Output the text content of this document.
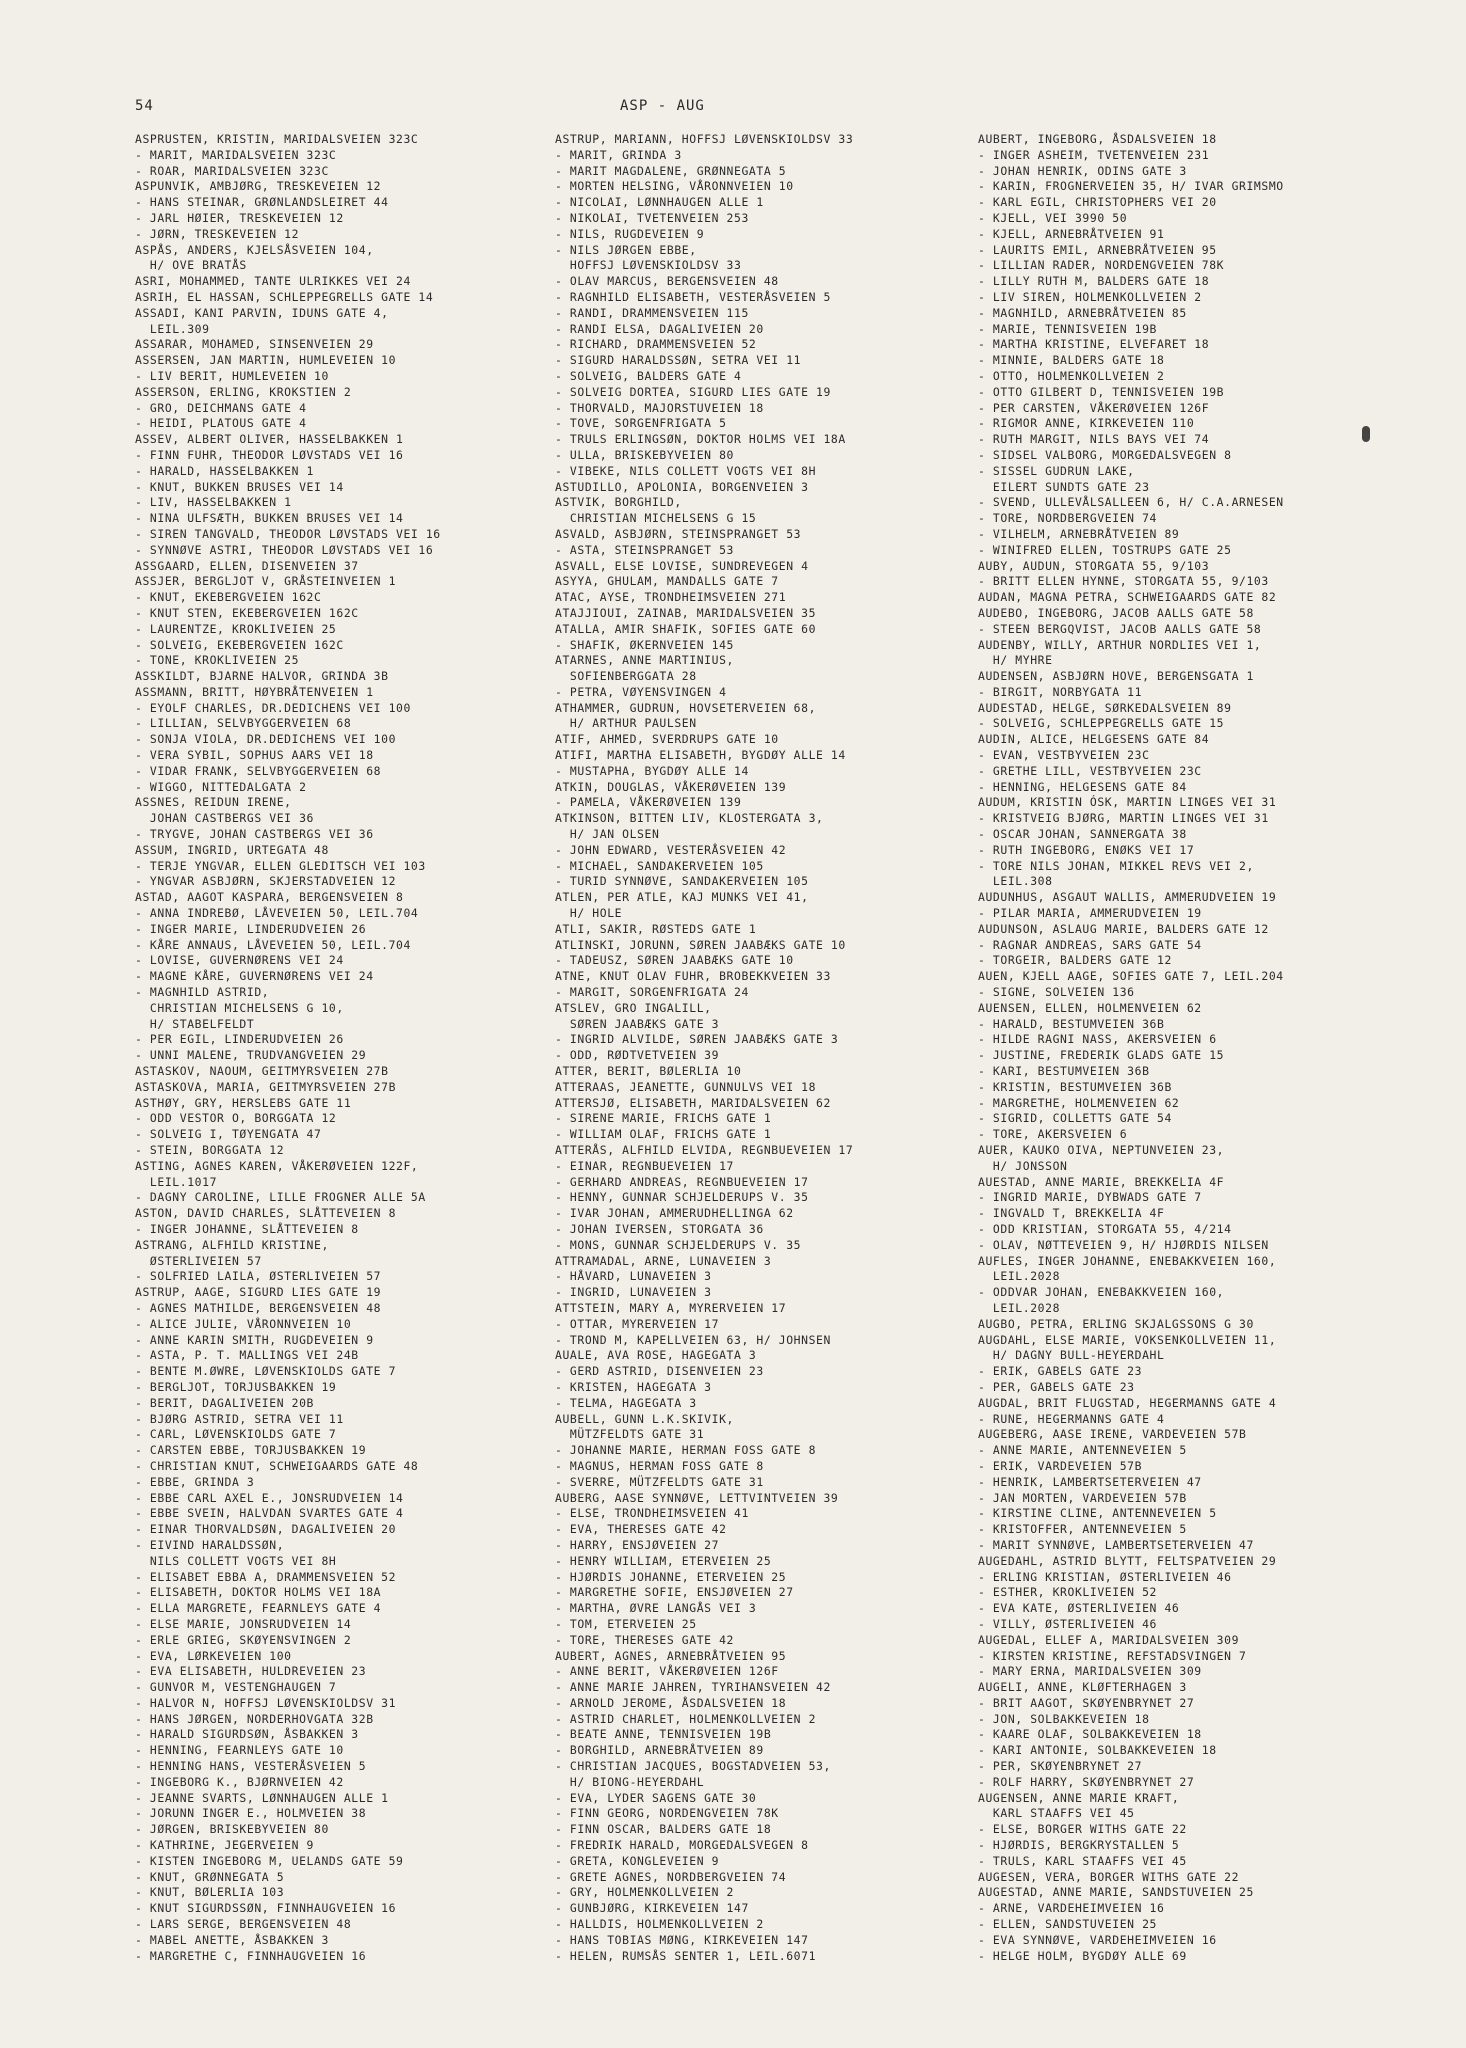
54	ASP - AUG
ASPRUSTEN, KRISTIN, MARIDALSVEIEN 323C
- MARIT, MARIDALSVEIEN 323C
- ROAR, MARIDALSVEIEN 323C
ASPUNVIK, AMBJØRG, TRESKEVEIEN 12
- HANS STEINAR, GRØNLANDSLEIRET 44
- JARL HØIER, TRESKEVEIEN 12
- JØRN, TRESKEVEIEN 12
ASPÅS, ANDERS, KJELSÅSVEIEN 104,
H/ OVE BRATÅS
ASRI, MOHAMMED, TANTE ULRIKKES VEI 24
ASRIH, EL HASSAN, SCHLEPPEGRELLS GATE 14
ASSADI, KANI PARVIN, IDUNS GATE 4,
LEIL.309
ASSARAR, MOHAMED, SINSENVEIEN 29
ASSERSEN, JAN MARTIN, HUMLEVEIEN 10
- LIV BERIT, HUMLEVEIEN 10
ASSERSON, ERLING, KROKSTIEN 2
- GRO, DEICHMANS GATE 4
- HEIDI, PLATOUS GATE 4
ASSEV, ALBERT OLIVER, HASSELBAKKEN 1
- FINN FUHR, THEODOR LØVSTADS VEI 16
- HARALD, HASSELBAKKEN 1
- KNUT, BUKKEN BRUSES VEI 14
- LIV, HASSELBAKKEN 1
- NINA ULFSÆTH, BUKKEN BRUSES VEI 14
- SIREN TANGVALD, THEODOR LØVSTADS VEI 16
- SYNNØVE ASTRI, THEODOR LØVSTADS VEI 16
ASSGAARD, ELLEN, DISENVEIEN 37
ASSJER, BERGLJOT V, GRÅSTEINVEIEN 1
- KNUT, EKEBERGVEIEN 162C
- KNUT STEN, EKEBERGVEIEN 162C
- LAURENTZE, KROKLIVEIEN 25
- SOLVEIG, EKEBERGVEIEN 162C
- TONE, KROKLIVEIEN 25
ASSKILDT, BJARNE HALVOR, GRINDA 3B
ASSMANN, BRITT, HØYBRÅTENVEIEN 1
- EYOLF CHARLES, DR.DEDICHENS VEI 100
- LILLIAN, SELVBYGGERVEIEN 68
- SONJA VIOLA, DR.DEDICHENS VEI 100
- VERA SYBIL, SOPHUS AARS VEI 18
- VIDAR FRANK, SELVBYGGERVEIEN 68
- WIGGO, NITTEDALGATA 2
ASSNES, REIDUN IRENE,
JOHAN CASTBERGS VEI 36
- TRYGVE, JOHAN CASTBERGS VEI 36
ASSUM, INGRID, URTEGATA 48
- TERJE YNGVAR, ELLEN GLEDITSCH VEI 103
- YNGVAR ASBJØRN, SKJERSTADVEIEN 12
ASTAD, AAGOT KASPARA, BERGENSVEIEN 8
- ANNA INDREBØ, LÅVEVEIEN 50, LEIL.704
- INGER MARIE, LINDERUDVEIEN 26
- KÅRE ANNAUS, LÅVEVEIEN 50, LEIL.704
- LOVISE, GUVERNØRENS VEI 24
- MAGNE KÅRE, GUVERNØRENS VEI 24
- MAGNHILD ASTRID,
CHRISTIAN MICHELSENS G 10,
H/ STABELFELDT
- PER EGIL, LINDERUDVEIEN 26
- UNNI MALENE, TRUDVANGVEIEN 29
ASTASKOV, NAOUM, GEITMYRSVEIEN 27B
ASTASKOVA, MARIA, GEITMYRSVEIEN 27B
ASTHØY, GRY, HERSLEBS GATE 11
- ODD VESTOR O, BORGGATA 12
- SOLVEIG I, TØYENGATA 47
- STEIN, BORGGATA 12
ASTING, AGNES KAREN, VÅKERØVEIEN 122F,
LEIL.1017
- DAGNY CAROLINE, LILLE FROGNER ALLE 5A
ASTON, DAVID CHARLES, SLÅTTEVEIEN 8
- INGER JOHANNE, SLÅTTEVEIEN 8
ASTRANG, ALFHILD KRISTINE,
ØSTERLIVEIEN 57
- SOLFRIED LAILA, ØSTERLIVEIEN 57
ASTRUP, AAGE, SIGURD LIES GATE 19
- AGNES MATHILDE, BERGENSVEIEN 48
- ALICE JULIE, VÅRONNVEIEN 10
- ANNE KARIN SMITH, RUGDEVEIEN 9
- ASTA, P. T. MALLINGS VEI 24B
- BENTE M.ØWRE, LØVENSKIOLDS GATE 7
- BERGLJOT, TORJUSBAKKEN 19
- BERIT, DAGALIVEIEN 20B
- BJØRG ASTRID, SETRA VEI 11
- CARL, LØVENSKIOLDS GATE 7
- CARSTEN EBBE, TORJUSBAKKEN 19
- CHRISTIAN KNUT, SCHWEIGAARDS GATE 48
- EBBE, GRINDA 3
- EBBE CARL AXEL E., JONSRUDVEIEN 14
- EBBE SVEIN, HALVDAN SVARTES GATE 4
- EINAR THORVALDSØN, DAGALIVEIEN 20
- EIVIND HARALDSSØN,
NILS COLLETT VOGTS VEI 8H
- ELISABET EBBA A, DRAMMENSVEIEN 52
- ELISABETH, DOKTOR HOLMS VEI 18A
- ELLA MARGRETE, FEARNLEYS GATE 4
- ELSE MARIE, JONSRUDVEIEN 14
- ERLE GRIEG, SKØYENSVINGEN 2
- EVA, LØRKEVEIEN 100
- EVA ELISABETH, HULDREVEIEN 23
- GUNVOR M, VESTENGHAUGEN 7
- HALVOR N, HOFFSJ LØVENSKIOLDSV 31
- HANS JØRGEN, NORDERHOVGATA 32B
- HARALD SIGURDSØN, ÅSBAKKEN 3
- HENNING, FEARNLEYS GATE 10
- HENNING HANS, VESTERÅSVEIEN 5
- INGEBORG K., BJØRNVEIEN 42
- JEANNE SVARTS, LØNNHAUGEN ALLE 1
- JORUNN INGER E., HOLMVEIEN 38
- JØRGEN, BRISKEBYVEIEN 80
- KATHRINE, JEGERVEIEN 9
- KISTEN INGEBORG M, UELANDS GATE 59
- KNUT, GRØNNEGATA 5
- KNUT, BØLERLIA 103
- KNUT SIGURDSSØN, FINNHAUGVEIEN 16
- LARS SERGE, BERGENSVEIEN 48
- MABEL ANETTE, ÅSBAKKEN 3
- MARGRETHE C, FINNHAUGVEIEN 16
ASTRUP, MARIANN, HOFFSJ LØVENSKIOLDSV 33
- MARIT, GRINDA 3
- MARIT MAGDALENE, GRØNNEGATA 5
- MORTEN HELSING, VÅRONNVEIEN 10
- NICOLAI, LØNNHAUGEN ALLE 1
- NIKOLAI, TVETENVEIEN 253
- NILS, RUGDEVEIEN 9
- NILS JØRGEN EBBE,
HOFFSJ LØVENSKIOLDSV 33
- OLAV MARCUS, BERGENSVEIEN 48
- RAGNHILD ELISABETH, VESTERÅSVEIEN 5
- RANDI, DRAMMENSVEIEN 115
- RANDI ELSA, DAGALIVEIEN 20
- RICHARD, DRAMMENSVEIEN 52
- SIGURD HARALDSSØN, SETRA VEI 11
- SOLVEIG, BALDERS GATE 4
- SOLVEIG DORTEA, SIGURD LIES GATE 19
- THORVALD, MAJORSTUVEIEN 18
- TOVE, SORGENFRIGATA 5
- TRULS ERLINGSØN, DOKTOR HOLMS VEI 18A
- ULLA, BRISKEBYVEIEN 80
- VIBEKE, NILS COLLETT VOGTS VEI 8H
ASTUDILLO, APOLONIA, BORGENVEIEN 3
ASTVIK, BORGHILD,
CHRISTIAN MICHELSENS G 15
ASVALD, ASBJØRN, STEINSPRANGET 53
- ASTA, STEINSPRANGET 53
ASVALL, ELSE LOVISE, SUNDREVEGEN 4
ASYYA, GHULAM, MANDALLS GATE 7
ATAC, AYSE, TRONDHEIMSVEIEN 271
ATAJJIOUI, ZAINAB, MARIDALSVEIEN 35
ATALLA, AMIR SHAFIK, SOFIES GATE 60
- SHAFIK, ØKERNVEIEN 145
ATARNES, ANNE MARTINIUS,
SOFIENBERGGATA 28
- PETRA, VØYENSVINGEN 4
ATHAMMER, GUDRUN, HOVSETERVEIEN 68,
H/ ARTHUR PAULSEN
ATIF, AHMED, SVERDRUPS GATE 10
ATIFI, MARTHA ELISABETH, BYGDØY ALLE 14
- MUSTAPHA, BYGDØY ALLE 14
ATKIN, DOUGLAS, VÅKERØVEIEN 139
- PAMELA, VÅKERØVEIEN 139
ATKINSON, BITTEN LIV, KLOSTERGATA 3,
H/ JAN OLSEN
- JOHN EDWARD, VESTERÅSVEIEN 42
- MICHAEL, SANDAKERVEIEN 105
- TURID SYNNØVE, SANDAKERVEIEN 105
ATLEN, PER ATLE, KAJ MUNKS VEI 41,
H/ HOLE
ATLI, SAKIR, RØSTEDS GATE 1
ATLINSKI, JORUNN, SØREN JAABÆKS GATE 10
- TADEUSZ, SØREN JAABÆKS GATE 10
ATNE, KNUT OLAV FUHR, BROBEKKVEIEN 33
- MARGIT, SORGENFRIGATA 24
ATSLEV, GRO INGALILL,
SØREN JAABÆKS GATE 3
- INGRID ALVILDE, SØREN JAABÆKS GATE 3
- ODD, RØDTVETVEIEN 39
ATTER, BERIT, BØLERLIA 10
ATTERAAS, JEANETTE, GUNNULVS VEI 18
ATTERSJØ, ELISABETH, MARIDALSVEIEN 62
- SIRENE MARIE, FRICHS GATE 1
- WILLIAM OLAF, FRICHS GATE 1
ATTERÅS, ALFHILD ELVIDA, REGNBUEVEIEN 17
- EINAR, REGNBUEVEIEN 17
- GERHARD ANDREAS, REGNBUEVEIEN 17
- HENNY, GUNNAR SCHJELDERUPS V. 35
- IVAR JOHAN, AMMERUDHELLINGA 62
- JOHAN IVERSEN, STORGATA 36
- MONS, GUNNAR SCHJELDERUPS V. 35
ATTRAMADAL, ARNE, LUNAVEIEN 3
- HÅVARD, LUNAVEIEN 3
- INGRID, LUNAVEIEN 3
ATTSTEIN, MARY A, MYRERVEIEN 17
- OTTAR, MYRERVEIEN 17
- TROND M, KAPELLVEIEN 63, H/ JOHNSEN
AUALE, AVA ROSE, HAGEGATA 3
- GERD ASTRID, DISENVEIEN 23
- KRISTEN, HAGEGATA 3
- TELMA, HAGEGATA 3
AUBELL, GUNN L.K.SKIVIK,
MÜTZFELDTS GATE 31
- JOHANNE MARIE, HERMAN FOSS GATE 8
- MAGNUS, HERMAN FOSS GATE 8
- SVERRE, MÜTZFELDTS GATE 31
AUBERG, AASE SYNNØVE, LETTVINTVEIEN 39
- ELSE, TRONDHEIMSVEIEN 41
- EVA, THERESES GATE 42
- HARRY, ENSJØVEIEN 27
- HENRY WILLIAM, ETERVEIEN 25
- HJØRDIS JOHANNE, ETERVEIEN 25
- MARGRETHE SOFIE, ENSJØVEIEN 27
- MARTHA, ØVRE LANGÅS VEI 3
- TOM, ETERVEIEN 25
- TORE, THERESES GATE 42
AUBERT, AGNES, ARNEBRÅTVEIEN 95
- ANNE BERIT, VÅKERØVEIEN 126F
- ANNE MARIE JAHREN, TYRIHANSVEIEN 42
- ARNOLD JEROME, ÅSDALSVEIEN 18
- ASTRID CHARLET, HOLMENKOLLVEIEN 2
- BEATE ANNE, TENNISVEIEN 19B
- BORGHILD, ARNEBRÅTVEIEN 89
- CHRISTIAN JACQUES, BOGSTADVEIEN 53,
H/ BIONG-HEYERDAHL
- EVA, LYDER SAGENS GATE 30
- FINN GEORG, NORDENGVEIEN 78K
- FINN OSCAR, BALDERS GATE 18
- FREDRIK HARALD, MORGEDALSVEGEN 8
- GRETA, KONGLEVEIEN 9
- GRETE AGNES, NORDBERGVEIEN 74
- GRY, HOLMENKOLLVEIEN 2
- GUNBJØRG, KIRKEVEIEN 147
- HALLDIS, HOLMENKOLLVEIEN 2
- HANS TOBIAS MØNG, KIRKEVEIEN 147
- HELEN, RUMSÅS SENTER 1, LEIL.6071
AUBERT, INGEBORG, ÅSDALSVEIEN 18
- INGER ASHEIM, TVETENVEIEN 231
- JOHAN HENRIK, ODINS GATE 3
- KARIN, FROGNERVEIEN 35, H/ IVAR GRIMSMO
- KARL EGIL, CHRISTOPHERS VEI 20
- KJELL, VEI 3990 50
- KJELL, ARNEBRÅTVEIEN 91
- LAURITS EMIL, ARNEBRÅTVEIEN 95
- LILLIAN RADER, NORDENGVEIEN 78K
- LILLY RUTH M, BALDERS GATE 18
- LIV SIREN, HOLMENKOLLVEIEN 2
- MAGNHILD, ARNEBRÅTVEIEN 85
- MARIE, TENNISVEIEN 19B
- MARTHA KRISTINE, ELVEFARET 18
- MINNIE, BALDERS GATE 18
- OTTO, HOLMENKOLLVEIEN 2
- OTTO GILBERT D, TENNISVEIEN 19B
- PER CARSTEN, VÅKERØVEIEN 126F
- RIGMOR ANNE, KIRKEVEIEN 110
- RUTH MARGIT, NILS BAYS VEI 74
- SIDSEL VALBORG, MORGEDALSVEGEN 8
- SISSEL GUDRUN LAKE,
EILERT SUNDTS GATE 23
- SVEND, ULLEVÅLSALLEEN 6, H/ C.A.ARNESEN
- TORE, NORDBERGVEIEN 74
- VILHELM, ARNEBRÅTVEIEN 89
- WINIFRED ELLEN, TOSTRUPS GATE 25
AUBY, AUDUN, STORGATA 55, 9/103
- BRITT ELLEN HYNNE, STORGATA 55, 9/103
AUDAN, MAGNA PETRA, SCHWEIGAARDS GATE 82
AUDEBO, INGEBORG, JACOB AALLS GATE 58
- STEEN BERGQVIST, JACOB AALLS GATE 58
AUDENBY, WILLY, ARTHUR NORDLIES VEI 1,
H/ MYHRE
AUDENSEN, ASBJØRN HOVE, BERGENSGATA 1
- BIRGIT, NORBYGATA 11
AUDESTAD, HELGE, SØRKEDALSVEIEN 89
- SOLVEIG, SCHLEPPEGRELLS GATE 15
AUDIN, ALICE, HELGESENS GATE 84
- EVAN, VESTBYVEIEN 23C
- GRETHE LILL, VESTBYVEIEN 23C
- HENNING, HELGESENS GATE 84
AUDUM, KRISTIN ÓSK, MARTIN LINGES VEI 31
- KRISTVEIG BJØRG, MARTIN LINGES VEI 31
- OSCAR JOHAN, SANNERGATA 38
- RUTH INGEBORG, ENØKS VEI 17
- TORE NILS JOHAN, MIKKEL REVS VEI 2,
LEIL.308
AUDUNHUS, ASGAUT WALLIS, AMMERUDVEIEN 19
- PILAR MARIA, AMMERUDVEIEN 19
AUDUNSON, ASLAUG MARIE, BALDERS GATE 12
- RAGNAR ANDREAS, SARS GATE 54
- TORGEIR, BALDERS GATE 12
AUEN, KJELL AAGE, SOFIES GATE 7, LEIL.204
- SIGNE, SOLVEIEN 136
AUENSEN, ELLEN, HOLMENVEIEN 62
- HARALD, BESTUMVEIEN 36B
- HILDE RAGNI NASS, AKERSVEIEN 6
- JUSTINE, FREDERIK GLADS GATE 15
- KARI, BESTUMVEIEN 36B
- KRISTIN, BESTUMVEIEN 36B
- MARGRETHE, HOLMENVEIEN 62
- SIGRID, COLLETTS GATE 54
- TORE, AKERSVEIEN 6
AUER, KAUKO OIVA, NEPTUNVEIEN 23,
H/ JONSSON
AUESTAD, ANNE MARIE, BREKKELIA 4F
- INGRID MARIE, DYBWADS GATE 7
- INGVALD T, BREKKELIA 4F
- ODD KRISTIAN, STORGATA 55, 4/214
- OLAV, NØTTEVEIEN 9, H/ HJØRDIS NILSEN
AUFLES, INGER JOHANNE, ENEBAKKVEIEN 160,
LEIL.2028
- ODDVAR JOHAN, ENEBAKKVEIEN 160,
LEIL.2028
AUGBO, PETRA, ERLING SKJALGSSONS G 30
AUGDAHL, ELSE MARIE, VOKSENKOLLVEIEN 11,
H/ DAGNY BULL-HEYERDAHL
- ERIK, GABELS GATE 23
- PER, GABELS GATE 23
AUGDAL, BRIT FLUGSTAD, HEGERMANNS GATE 4
- RUNE, HEGERMANNS GATE 4
AUGEBERG, AASE IRENE, VARDEVEIEN 57B
- ANNE MARIE, ANTENNEVEIEN 5
- ERIK, VARDEVEIEN 57B
- HENRIK, LAMBERTSETERVEIEN 47
- JAN MORTEN, VARDEVEIEN 57B
- KIRSTINE CLINE, ANTENNEVEIEN 5
- KRISTOFFER, ANTENNEVEIEN 5
- MARIT SYNNØVE, LAMBERTSETERVEIEN 47
AUGEDAHL, ASTRID BLYTT, FELTSPATVEIEN 29
- ERLING KRISTIAN, ØSTERLIVEIEN 46
- ESTHER, KROKLIVEIEN 52
- EVA KATE, ØSTERLIVEIEN 46
- VILLY, ØSTERLIVEIEN 46
AUGEDAL, ELLEF A, MARIDALSVEIEN 309
- KIRSTEN KRISTINE, REFSTADSVINGEN 7
- MARY ERNA, MARIDALSVEIEN 309
AUGELI, ANNE, KLØFTERHAGEN 3
- BRIT AAGOT, SKØYENBRYNET 27
- JON, SOLBAKKEVEIEN 18
- KAARE OLAF, SOLBAKKEVEIEN 18
- KARI ANTONIE, SOLBAKKEVEIEN 18
- PER, SKØYENBRYNET 27
- ROLF HARRY, SKØYENBRYNET 27
AUGENSEN, ANNE MARIE KRAFT,
KARL STAAFFS VEI 45
- ELSE, BORGER WITHS GATE 22
- HJØRDIS, BERGKRYSTALLEN 5
- TRULS, KARL STAAFFS VEI 45
AUGESEN, VERA, BORGER WITHS GATE 22
AUGESTAD, ANNE MARIE, SANDSTUVEIEN 25
- ARNE, VARDEHEIMVEIEN 16
- ELLEN, SANDSTUVEIEN 25
- EVA SYNNØVE, VARDEHEIMVEIEN 16
- HELGE HOLM, BYGDØY ALLE 69
